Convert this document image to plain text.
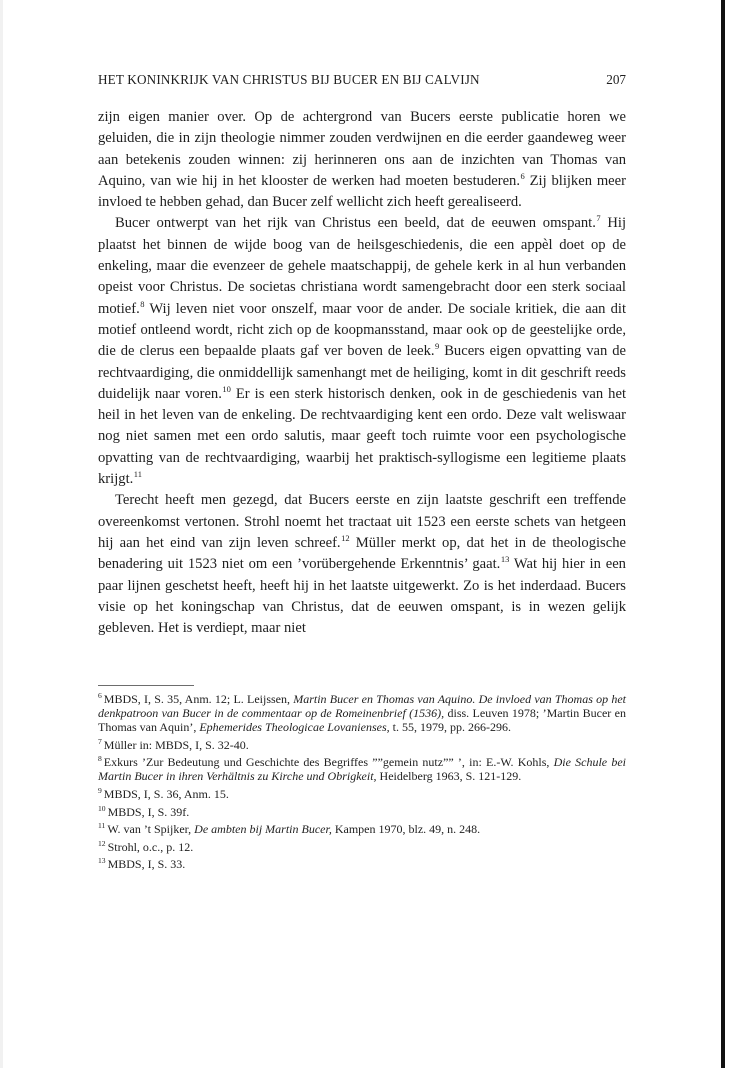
HET KONINKRIJK VAN CHRISTUS BIJ BUCER EN BIJ CALVIJN	207

zijn eigen manier over. Op de achtergrond van Bucers eerste publicatie horen we geluiden, die in zijn theologie nimmer zouden verdwijnen en die eerder gaandeweg weer aan betekenis zouden winnen: zij herinneren ons aan de inzichten van Thomas van Aquino, van wie hij in het klooster de werken had moeten bestuderen.$^6$ Zij blijken meer invloed te hebben gehad, dan Bucer zelf wellicht zich heeft gerealiseerd.

Bucer ontwerpt van het rijk van Christus een beeld, dat de eeuwen omspant.$^7$ Hij plaatst het binnen de wijde boog van de heilsgeschiedenis, die een appèl doet op de enkeling, maar die evenzeer de gehele maatschappij, de gehele kerk in al hun verbanden opeist voor Christus. De societas christiana wordt samengebracht door een sterk sociaal motief.$^8$ Wij leven niet voor onszelf, maar voor de ander. De sociale kritiek, die aan dit motief ontleend wordt, richt zich op de koopmansstand, maar ook op de geestelijke orde, die de clerus een bepaalde plaats gaf ver boven de leek.$^9$ Bucers eigen opvatting van de rechtvaardiging, die onmiddellijk samenhangt met de heiliging, komt in dit geschrift reeds duidelijk naar voren.$^{10}$ Er is een sterk historisch denken, ook in de geschiedenis van het heil in het leven van de enkeling. De rechtvaardiging kent een ordo. Deze valt weliswaar nog niet samen met een ordo salutis, maar geeft toch ruimte voor een psychologische opvatting van de rechtvaardiging, waarbij het praktisch-syllogisme een legitieme plaats krijgt.$^{11}$

Terecht heeft men gezegd, dat Bucers eerste en zijn laatste geschrift een treffende overeenkomst vertonen. Strohl noemt het tractaat uit 1523 een eerste schets van hetgeen hij aan het eind van zijn leven schreef.$^{12}$ Müller merkt op, dat het in de theologische benadering uit 1523 niet om een ’vorübergehende Erkenntnis’ gaat.$^{13}$ Wat hij hier in een paar lijnen geschetst heeft, heeft hij in het laatste uitgewerkt. Zo is het inderdaad. Bucers visie op het koningschap van Christus, dat de eeuwen omspant, is in wezen gelijk gebleven. Het is verdiept, maar niet

$^6$ MBDS, I, S. 35, Anm. 12; L. Leijssen, Martin Bucer en Thomas van Aquino. De invloed van Thomas op het denkpatroon van Bucer in de commentaar op de Romeinenbrief (1536), diss. Leuven 1978; ’Martin Bucer en Thomas van Aquin’, Ephemerides Theologicae Lovanienses, t. 55, 1979, pp. 266-296.
$^7$ Müller in: MBDS, I, S. 32-40.
$^8$ Exkurs ’Zur Bedeutung und Geschichte des Begriffes ””gemein nutz”” ’, in: E.-W. Kohls, Die Schule bei Martin Bucer in ihren Verhältnis zu Kirche und Obrigkeit, Heidelberg 1963, S. 121-129.
$^9$ MBDS, I, S. 36, Anm. 15.
$^{10}$ MBDS, I, S. 39f.
$^{11}$ W. van ’t Spijker, De ambten bij Martin Bucer, Kampen 1970, blz. 49, n. 248.
$^{12}$ Strohl, o.c., p. 12.
$^{13}$ MBDS, I, S. 33.
